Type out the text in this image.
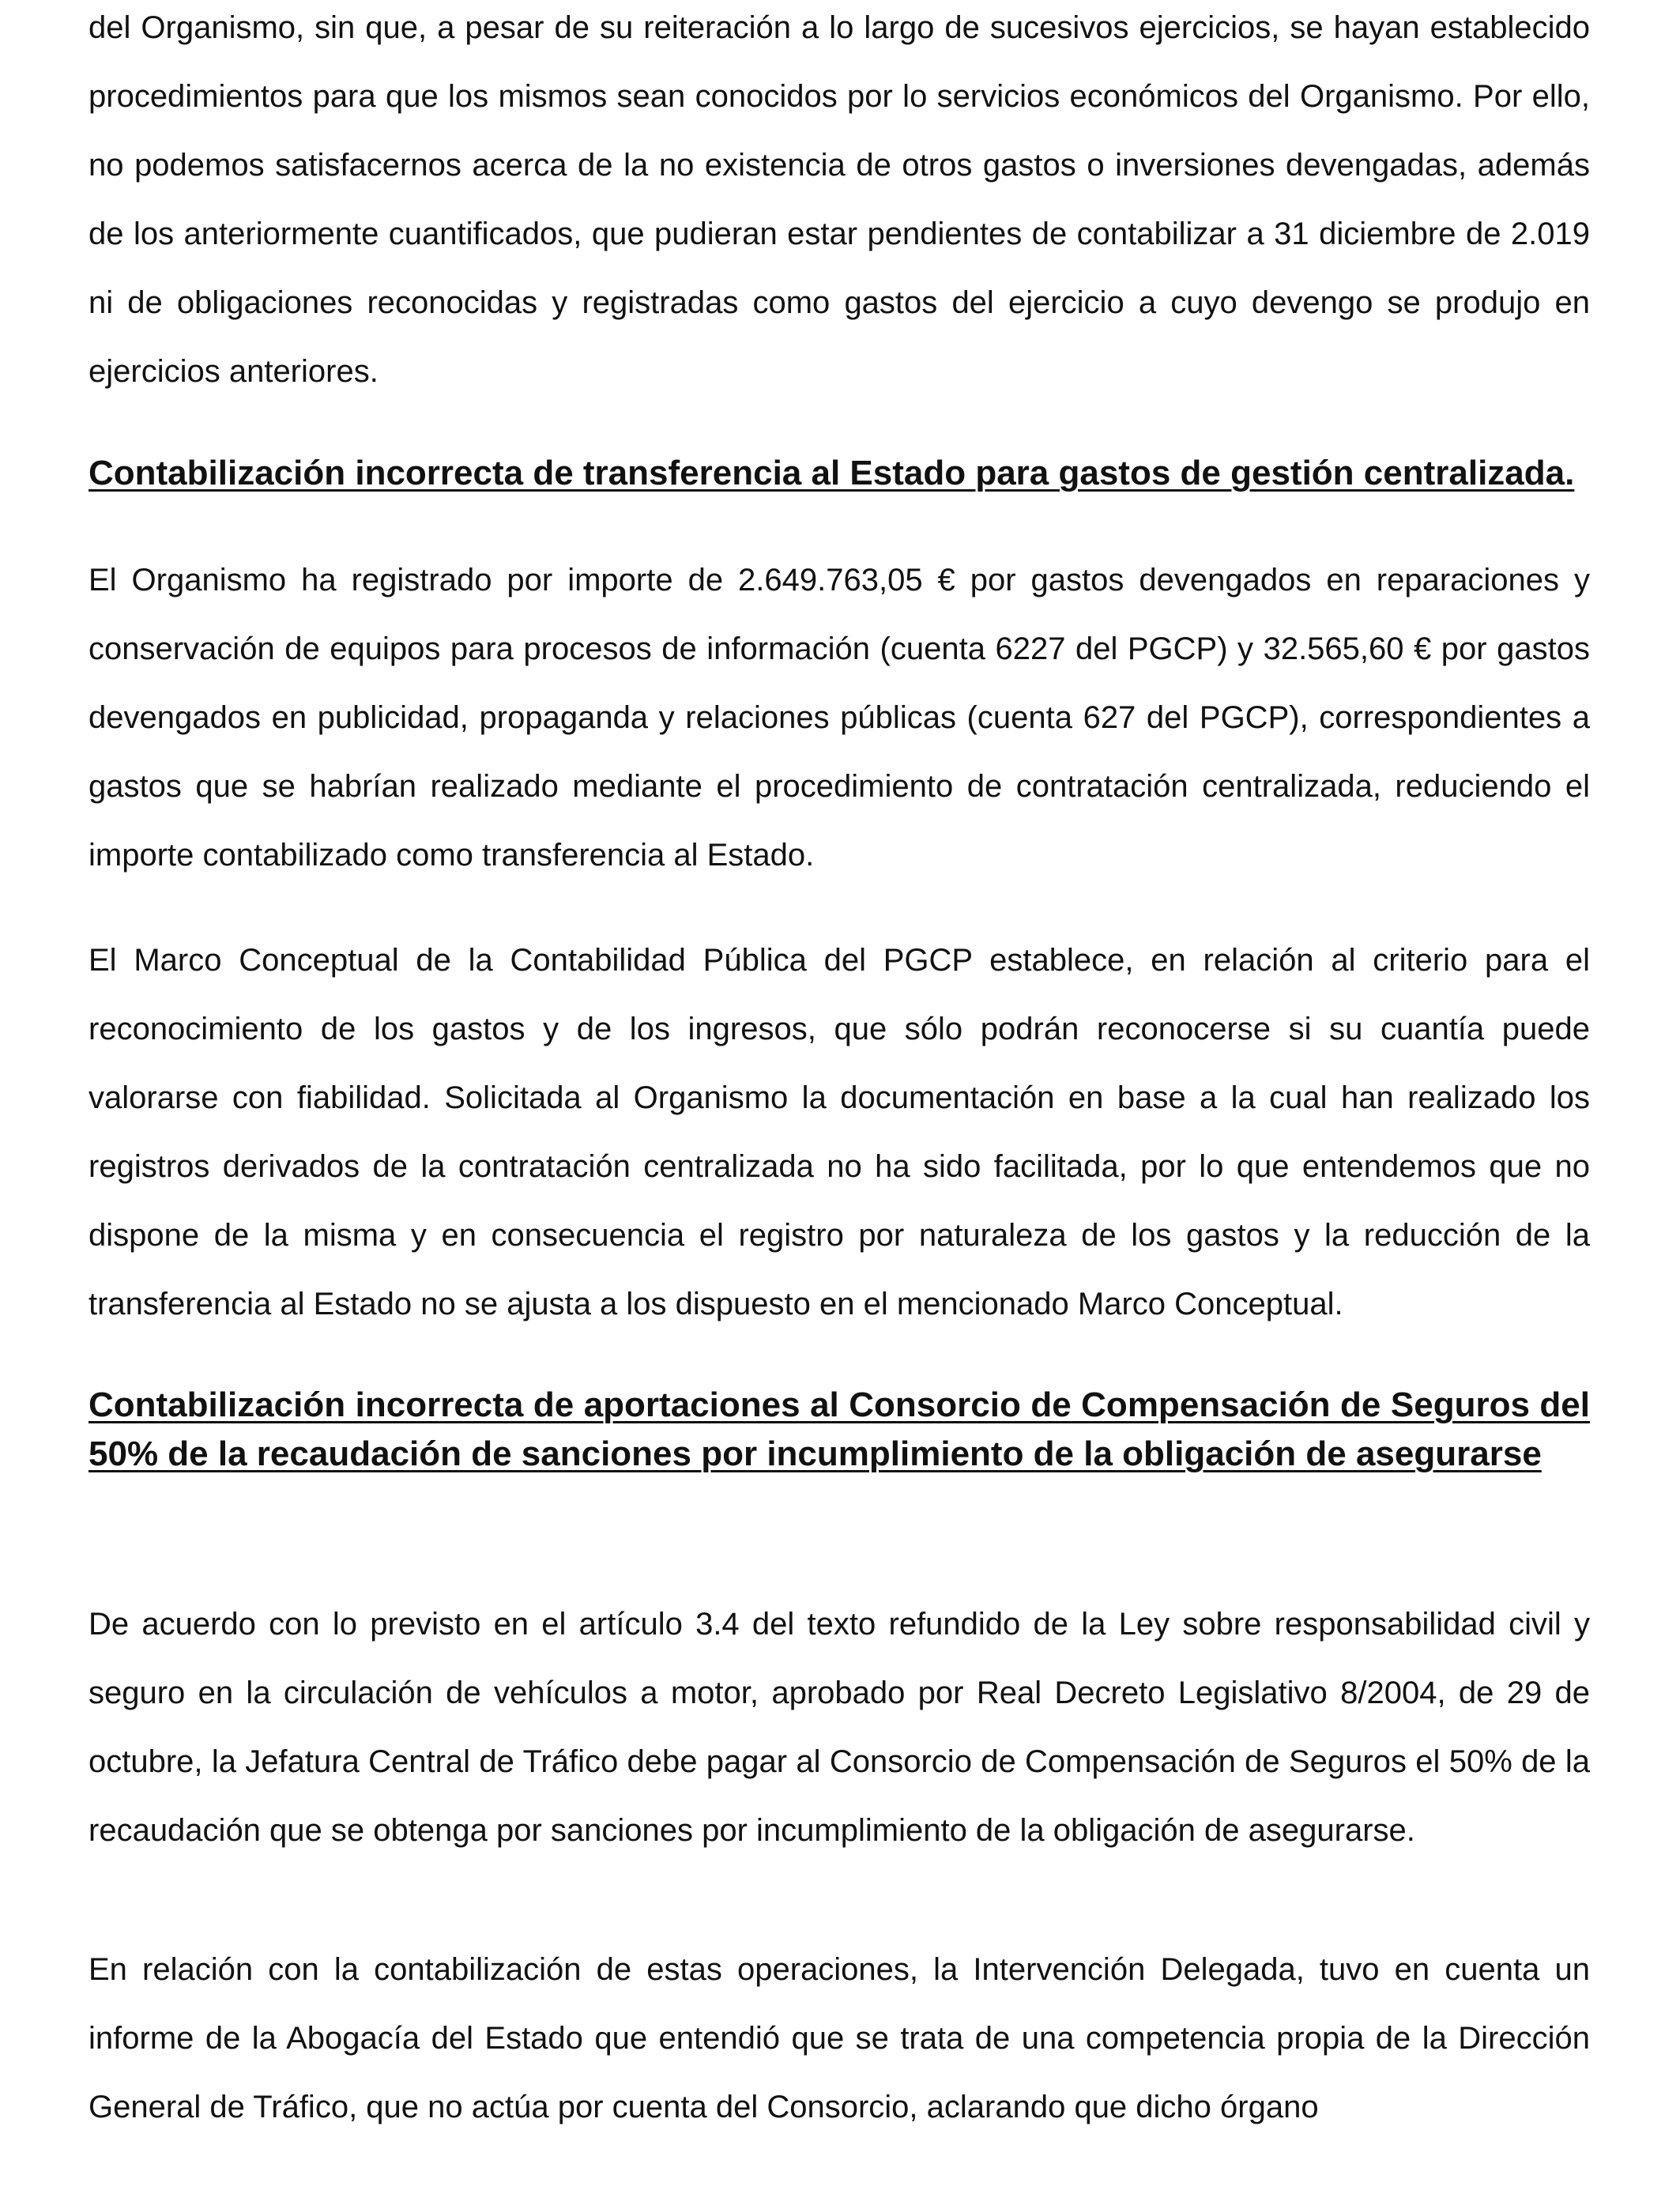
del Organismo, sin que, a pesar de su reiteración a lo largo de sucesivos ejercicios, se hayan establecido procedimientos para que los mismos sean conocidos por lo servicios económicos del Organismo. Por ello, no podemos satisfacernos acerca de la no existencia de otros gastos o inversiones devengadas, además de los anteriormente cuantificados, que pudieran estar pendientes de contabilizar a 31 diciembre de 2.019 ni de obligaciones reconocidas y registradas como gastos del ejercicio a cuyo devengo se produjo en ejercicios anteriores.

Contabilización incorrecta de transferencia al Estado para gastos de gestión centralizada.

El Organismo ha registrado por importe de 2.649.763,05 € por gastos devengados en reparaciones y conservación de equipos para procesos de información (cuenta 6227 del PGCP) y 32.565,60 € por gastos devengados en publicidad, propaganda y relaciones públicas (cuenta 627 del PGCP), correspondientes a gastos que se habrían realizado mediante el procedimiento de contratación centralizada, reduciendo el importe contabilizado como transferencia al Estado.

El Marco Conceptual de la Contabilidad Pública del PGCP establece, en relación al criterio para el reconocimiento de los gastos y de los ingresos, que sólo podrán reconocerse si su cuantía puede valorarse con fiabilidad. Solicitada al Organismo la documentación en base a la cual han realizado los registros derivados de la contratación centralizada no ha sido facilitada, por lo que entendemos que no dispone de la misma y en consecuencia el registro por naturaleza de los gastos y la reducción de la transferencia al Estado no se ajusta a los dispuesto en el mencionado Marco Conceptual.

Contabilización incorrecta de aportaciones al Consorcio de Compensación de Seguros del 50% de la recaudación de sanciones por incumplimiento de la obligación de asegurarse

De acuerdo con lo previsto en el artículo 3.4 del texto refundido de la Ley sobre responsabilidad civil y seguro en la circulación de vehículos a motor, aprobado por Real Decreto Legislativo 8/2004, de 29 de octubre, la Jefatura Central de Tráfico debe pagar al Consorcio de Compensación de Seguros el 50% de la recaudación que se obtenga por sanciones por incumplimiento de la obligación de asegurarse.

En relación con la contabilización de estas operaciones, la Intervención Delegada, tuvo en cuenta un informe de la Abogacía del Estado que entendió que se trata de una competencia propia de la Dirección General de Tráfico, que no actúa por cuenta del Consorcio, aclarando que dicho órgano
